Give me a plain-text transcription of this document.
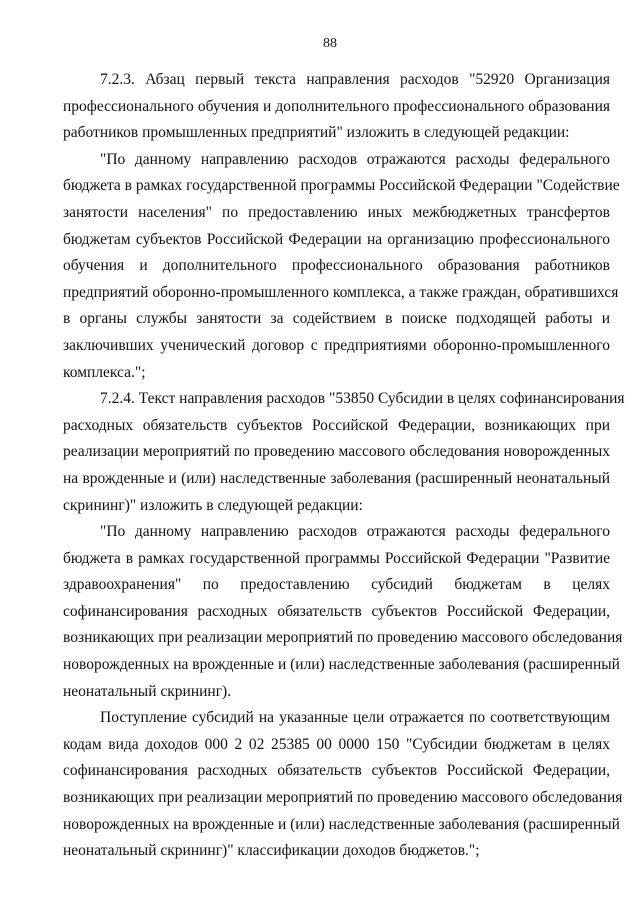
88
7.2.3. Абзац первый текста направления расходов "52920 Организация
профессионального обучения и дополнительного профессионального образования
работников промышленных предприятий" изложить в следующей редакции:
"По данному направлению расходов отражаются расходы федерального
бюджета в рамках государственной программы Российской Федерации "Содействие
занятости населения" по предоставлению иных межбюджетных трансфертов
бюджетам субъектов Российской Федерации на организацию профессионального
обучения и дополнительного профессионального образования работников
предприятий оборонно-промышленного комплекса, а также граждан, обратившихся
в органы службы занятости за содействием в поиске подходящей работы и
заключивших ученический договор с предприятиями оборонно-промышленного
комплекса.";
7.2.4. Текст направления расходов "53850 Субсидии в целях софинансирования
расходных обязательств субъектов Российской Федерации, возникающих при
реализации мероприятий по проведению массового обследования новорожденных
на врожденные и (или) наследственные заболевания (расширенный неонатальный
скрининг)" изложить в следующей редакции:
"По данному направлению расходов отражаются расходы федерального
бюджета в рамках государственной программы Российской Федерации "Развитие
здравоохранения" по предоставлению субсидий бюджетам в целях
софинансирования расходных обязательств субъектов Российской Федерации,
возникающих при реализации мероприятий по проведению массового обследования
новорожденных на врожденные и (или) наследственные заболевания (расширенный
неонатальный скрининг).
Поступление субсидий на указанные цели отражается по соответствующим
кодам вида доходов 000 2 02 25385 00 0000 150 "Субсидии бюджетам в целях
софинансирования расходных обязательств субъектов Российской Федерации,
возникающих при реализации мероприятий по проведению массового обследования
новорожденных на врожденные и (или) наследственные заболевания (расширенный
неонатальный скрининг)" классификации доходов бюджетов.";
